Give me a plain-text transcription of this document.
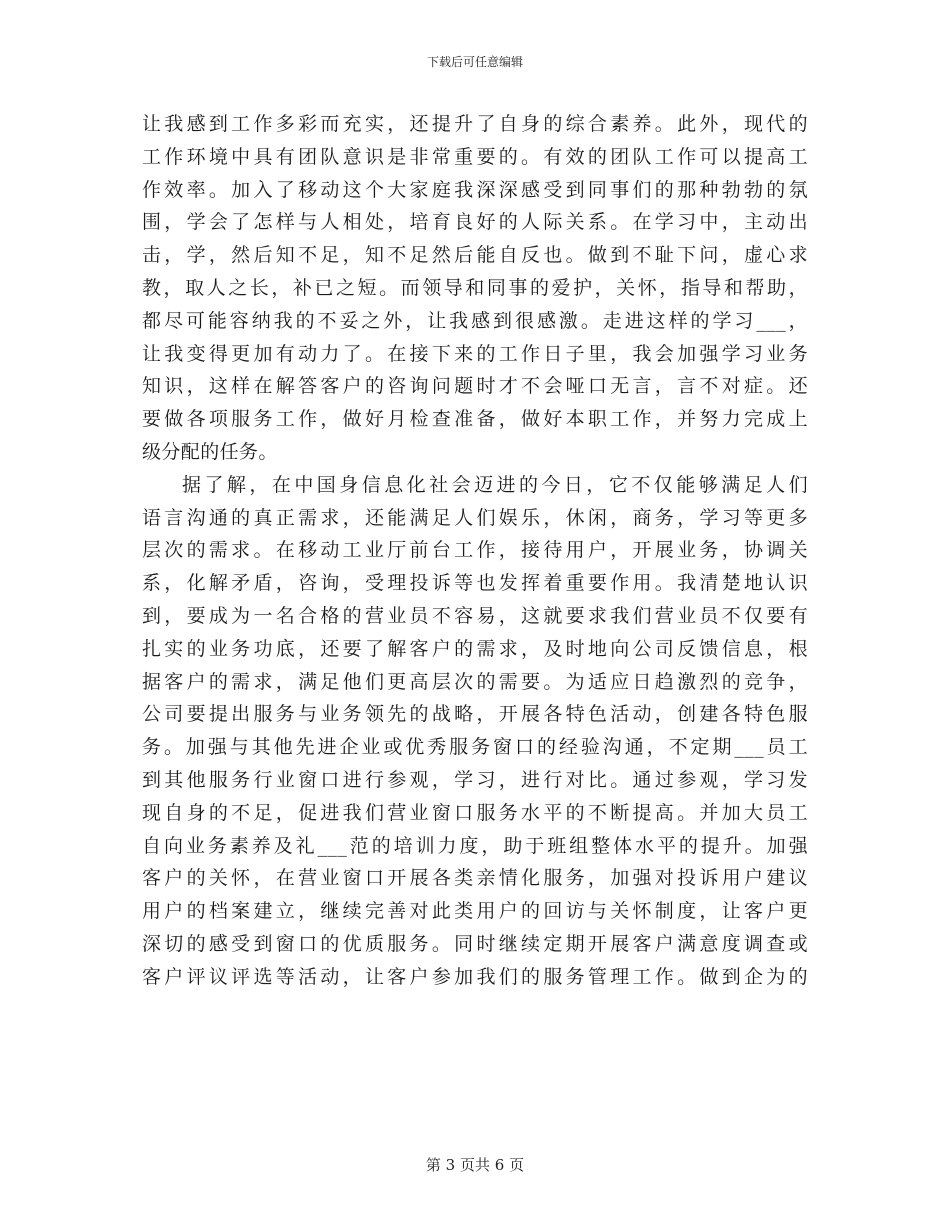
下载后可任意编辑
让我感到工作多彩而充实，还提升了自身的综合素养。此外，现代的
工作环境中具有团队意识是非常重要的。有效的团队工作可以提高工
作效率。加入了移动这个大家庭我深深感受到同事们的那种勃勃的氛
围，学会了怎样与人相处，培育良好的人际关系。在学习中，主动出
击，学，然后知不足，知不足然后能自反也。做到不耻下问，虚心求
教，取人之长，补已之短。而领导和同事的爱护，关怀，指导和帮助，
都尽可能容纳我的不妥之外，让我感到很感激。走进这样的学习___，
让我变得更加有动力了。在接下来的工作日子里，我会加强学习业务
知识，这样在解答客户的咨询问题时才不会哑口无言，言不对症。还
要做各项服务工作，做好月检查准备，做好本职工作，并努力完成上
级分配的任务。
据了解，在中国身信息化社会迈进的今日，它不仅能够满足人们
语言沟通的真正需求，还能满足人们娱乐，休闲，商务，学习等更多
层次的需求。在移动工业厅前台工作，接待用户，开展业务，协调关
系，化解矛盾，咨询，受理投诉等也发挥着重要作用。我清楚地认识
到，要成为一名合格的营业员不容易，这就要求我们营业员不仅要有
扎实的业务功底，还要了解客户的需求，及时地向公司反馈信息，根
据客户的需求，满足他们更高层次的需要。为适应日趋激烈的竞争，
公司要提出服务与业务领先的战略，开展各特色活动，创建各特色服
务。加强与其他先进企业或优秀服务窗口的经验沟通，不定期___员工
到其他服务行业窗口进行参观，学习，进行对比。通过参观，学习发
现自身的不足，促进我们营业窗口服务水平的不断提高。并加大员工
自向业务素养及礼___范的培训力度，助于班组整体水平的提升。加强
客户的关怀，在营业窗口开展各类亲情化服务，加强对投诉用户建议
用户的档案建立，继续完善对此类用户的回访与关怀制度，让客户更
深切的感受到窗口的优质服务。同时继续定期开展客户满意度调查或
客户评议评选等活动，让客户参加我们的服务管理工作。做到企为的
第 3 页共 6 页
